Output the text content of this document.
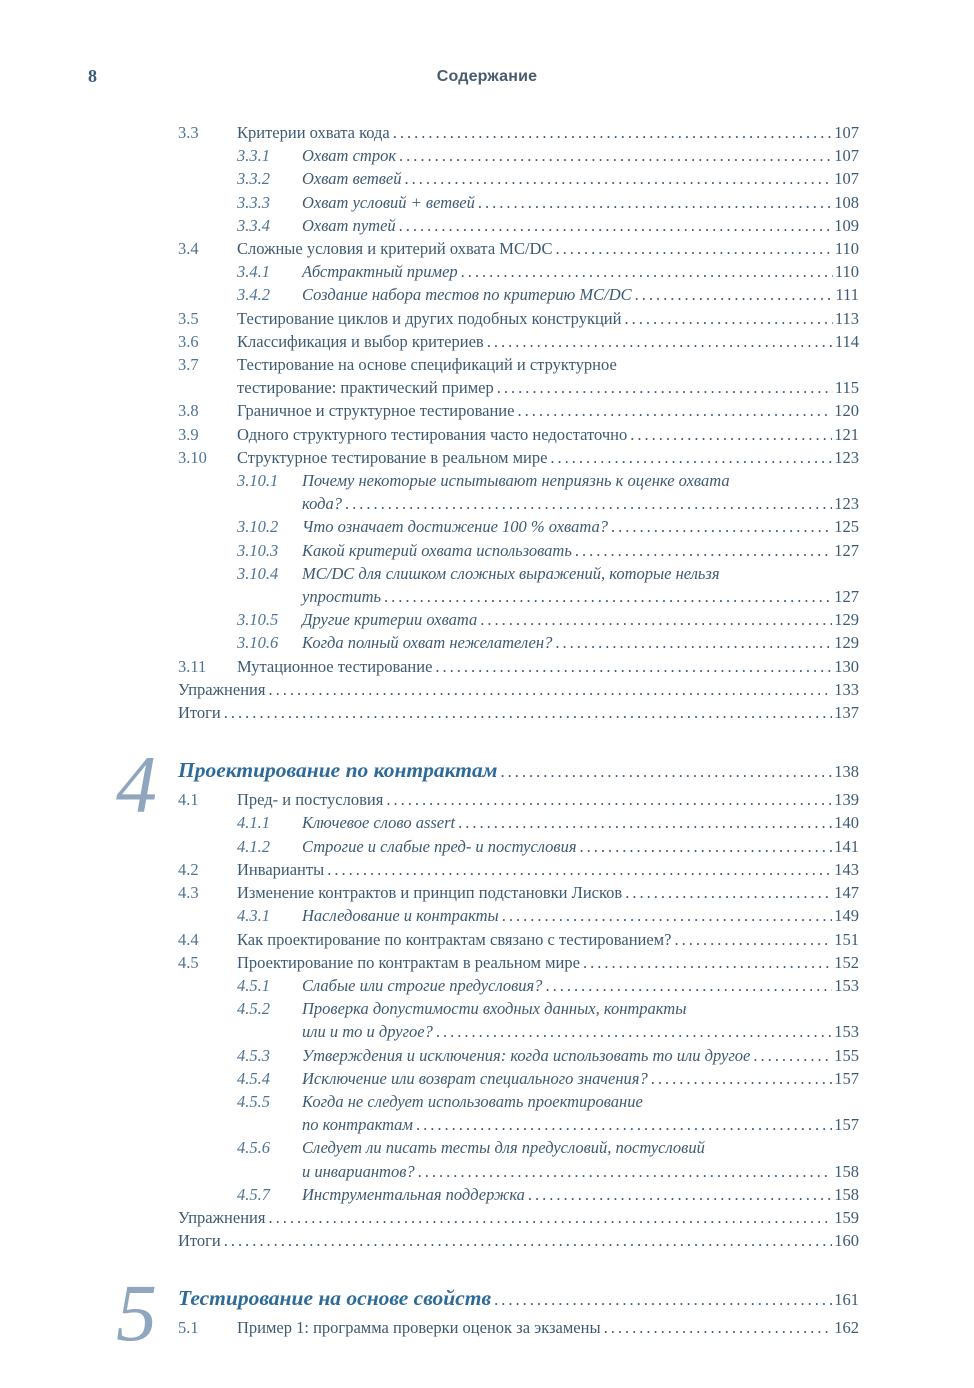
8	Содержание
3.3	Критерии охвата кода .....	107
3.3.1	Охват строк .....	107
3.3.2	Охват ветвей .....	107
3.3.3	Охват условий + ветвей .....	108
3.3.4	Охват путей .....	109
3.4	Сложные условия и критерий охвата MC/DC .....	110
3.4.1	Абстрактный пример .....	110
3.4.2	Создание набора тестов по критерию MC/DC .....	111
3.5	Тестирование циклов и других подобных конструкций .....	113
3.6	Классификация и выбор критериев .....	114
3.7	Тестирование на основе спецификаций и структурное
тестирование: практический пример .....	115
3.8	Граничное и структурное тестирование .....	120
3.9	Одного структурного тестирования часто недостаточно .....	121
3.10	Структурное тестирование в реальном мире .....	123
3.10.1	Почему некоторые испытывают неприязнь к оценке охвата
кода? .....	123
3.10.2	Что означает достижение 100 % охвата? .....	125
3.10.3	Какой критерий охвата использовать .....	127
3.10.4	MC/DC для слишком сложных выражений, которые нельзя
упростить .....	127
3.10.5	Другие критерии охвата .....	129
3.10.6	Когда полный охват нежелателен? .....	129
3.11	Мутационное тестирование .....	130
Упражнения .....	133
Итоги .....	137
4 Проектирование по контрактам .....	138
4.1	Пред- и постусловия .....	139
4.1.1	Ключевое слово assert .....	140
4.1.2	Строгие и слабые пред- и постусловия .....	141
4.2	Инварианты .....	143
4.3	Изменение контрактов и принцип подстановки Лисков .....	147
4.3.1	Наследование и контракты .....	149
4.4	Как проектирование по контрактам связано с тестированием? .....	151
4.5	Проектирование по контрактам в реальном мире .....	152
4.5.1	Слабые или строгие предусловия? .....	153
4.5.2	Проверка допустимости входных данных, контракты
или и то и другое? .....	153
4.5.3	Утверждения и исключения: когда использовать то или другое .....	155
4.5.4	Исключение или возврат специального значения? .....	157
4.5.5	Когда не следует использовать проектирование
по контрактам .....	157
4.5.6	Следует ли писать тесты для предусловий, постусловий
и инвариантов? .....	158
4.5.7	Инструментальная поддержка .....	158
Упражнения .....	159
Итоги .....	160
5 Тестирование на основе свойств .....	161
5.1	Пример 1: программа проверки оценок за экзамены .....	162
